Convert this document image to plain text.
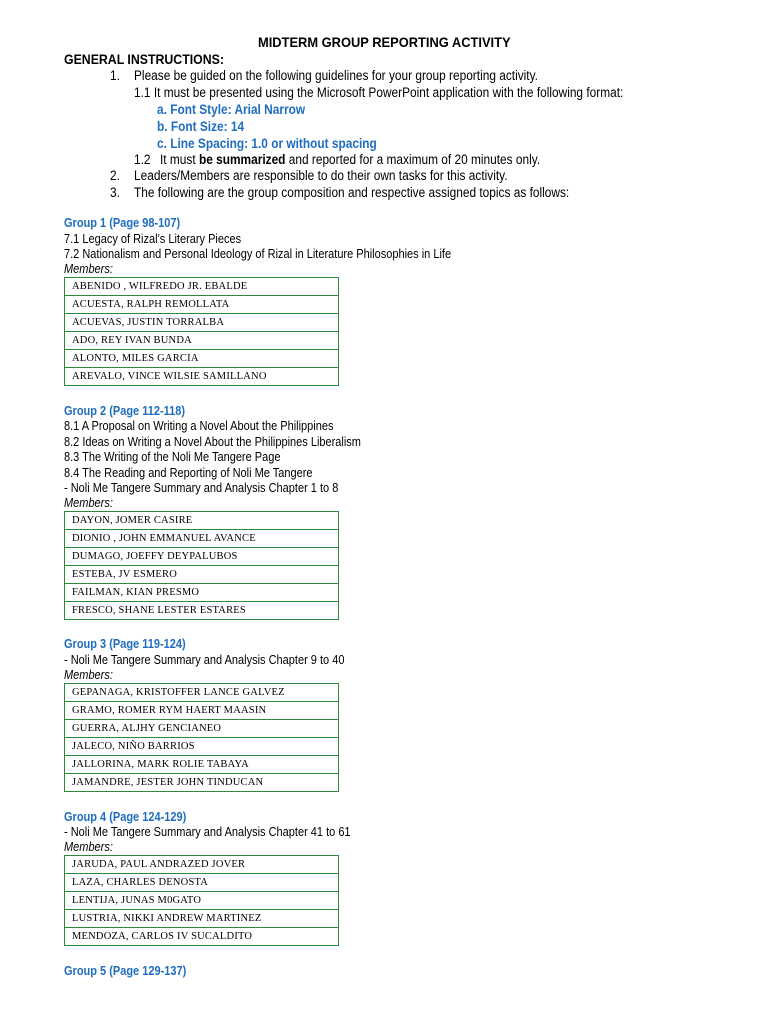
MIDTERM GROUP REPORTING ACTIVITY
GENERAL INSTRUCTIONS:
1. Please be guided on the following guidelines for your group reporting activity.
1.1 It must be presented using the Microsoft PowerPoint application with the following format:
a. Font Style: Arial Narrow
b. Font Size: 14
c. Line Spacing: 1.0 or without spacing
1.2 It must be summarized and reported for a maximum of 20 minutes only.
2. Leaders/Members are responsible to do their own tasks for this activity.
3. The following are the group composition and respective assigned topics as follows:
Group 1 (Page 98-107)
7.1 Legacy of Rizal’s Literary Pieces
7.2 Nationalism and Personal Ideology of Rizal in Literature Philosophies in Life
Members:
ABENIDO , WILFREDO JR. EBALDE
ACUESTA, RALPH REMOLLATA
ACUEVAS, JUSTIN TORRALBA
ADO, REY IVAN BUNDA
ALONTO, MILES GARCIA
AREVALO, VINCE WILSIE SAMILLANO
Group 2 (Page 112-118)
8.1 A Proposal on Writing a Novel About the Philippines
8.2 Ideas on Writing a Novel About the Philippines Liberalism
8.3 The Writing of the Noli Me Tangere Page
8.4 The Reading and Reporting of Noli Me Tangere
- Noli Me Tangere Summary and Analysis Chapter 1 to 8
Members:
DAYON, JOMER CASIRE
DIONIO , JOHN EMMANUEL AVANCE
DUMAGO, JOEFFY DEYPALUBOS
ESTEBA, JV ESMERO
FAILMAN, KIAN PRESMO
FRESCO, SHANE LESTER ESTARES
Group 3 (Page 119-124)
- Noli Me Tangere Summary and Analysis Chapter 9 to 40
Members:
GEPANAGA, KRISTOFFER LANCE GALVEZ
GRAMO, ROMER RYM HAERT MAASIN
GUERRA, ALJHY GENCIANEO
JALECO, NIÑO BARRIOS
JALLORINA, MARK ROLIE TABAYA
JAMANDRE, JESTER JOHN TINDUCAN
Group 4 (Page 124-129)
- Noli Me Tangere Summary and Analysis Chapter 41 to 61
Members:
JARUDA, PAUL ANDRAZED JOVER
LAZA, CHARLES DENOSTA
LENTIJA, JUNAS M0GATO
LUSTRIA, NIKKI ANDREW MARTINEZ
MENDOZA, CARLOS IV SUCALDITO
Group 5 (Page 129-137)
